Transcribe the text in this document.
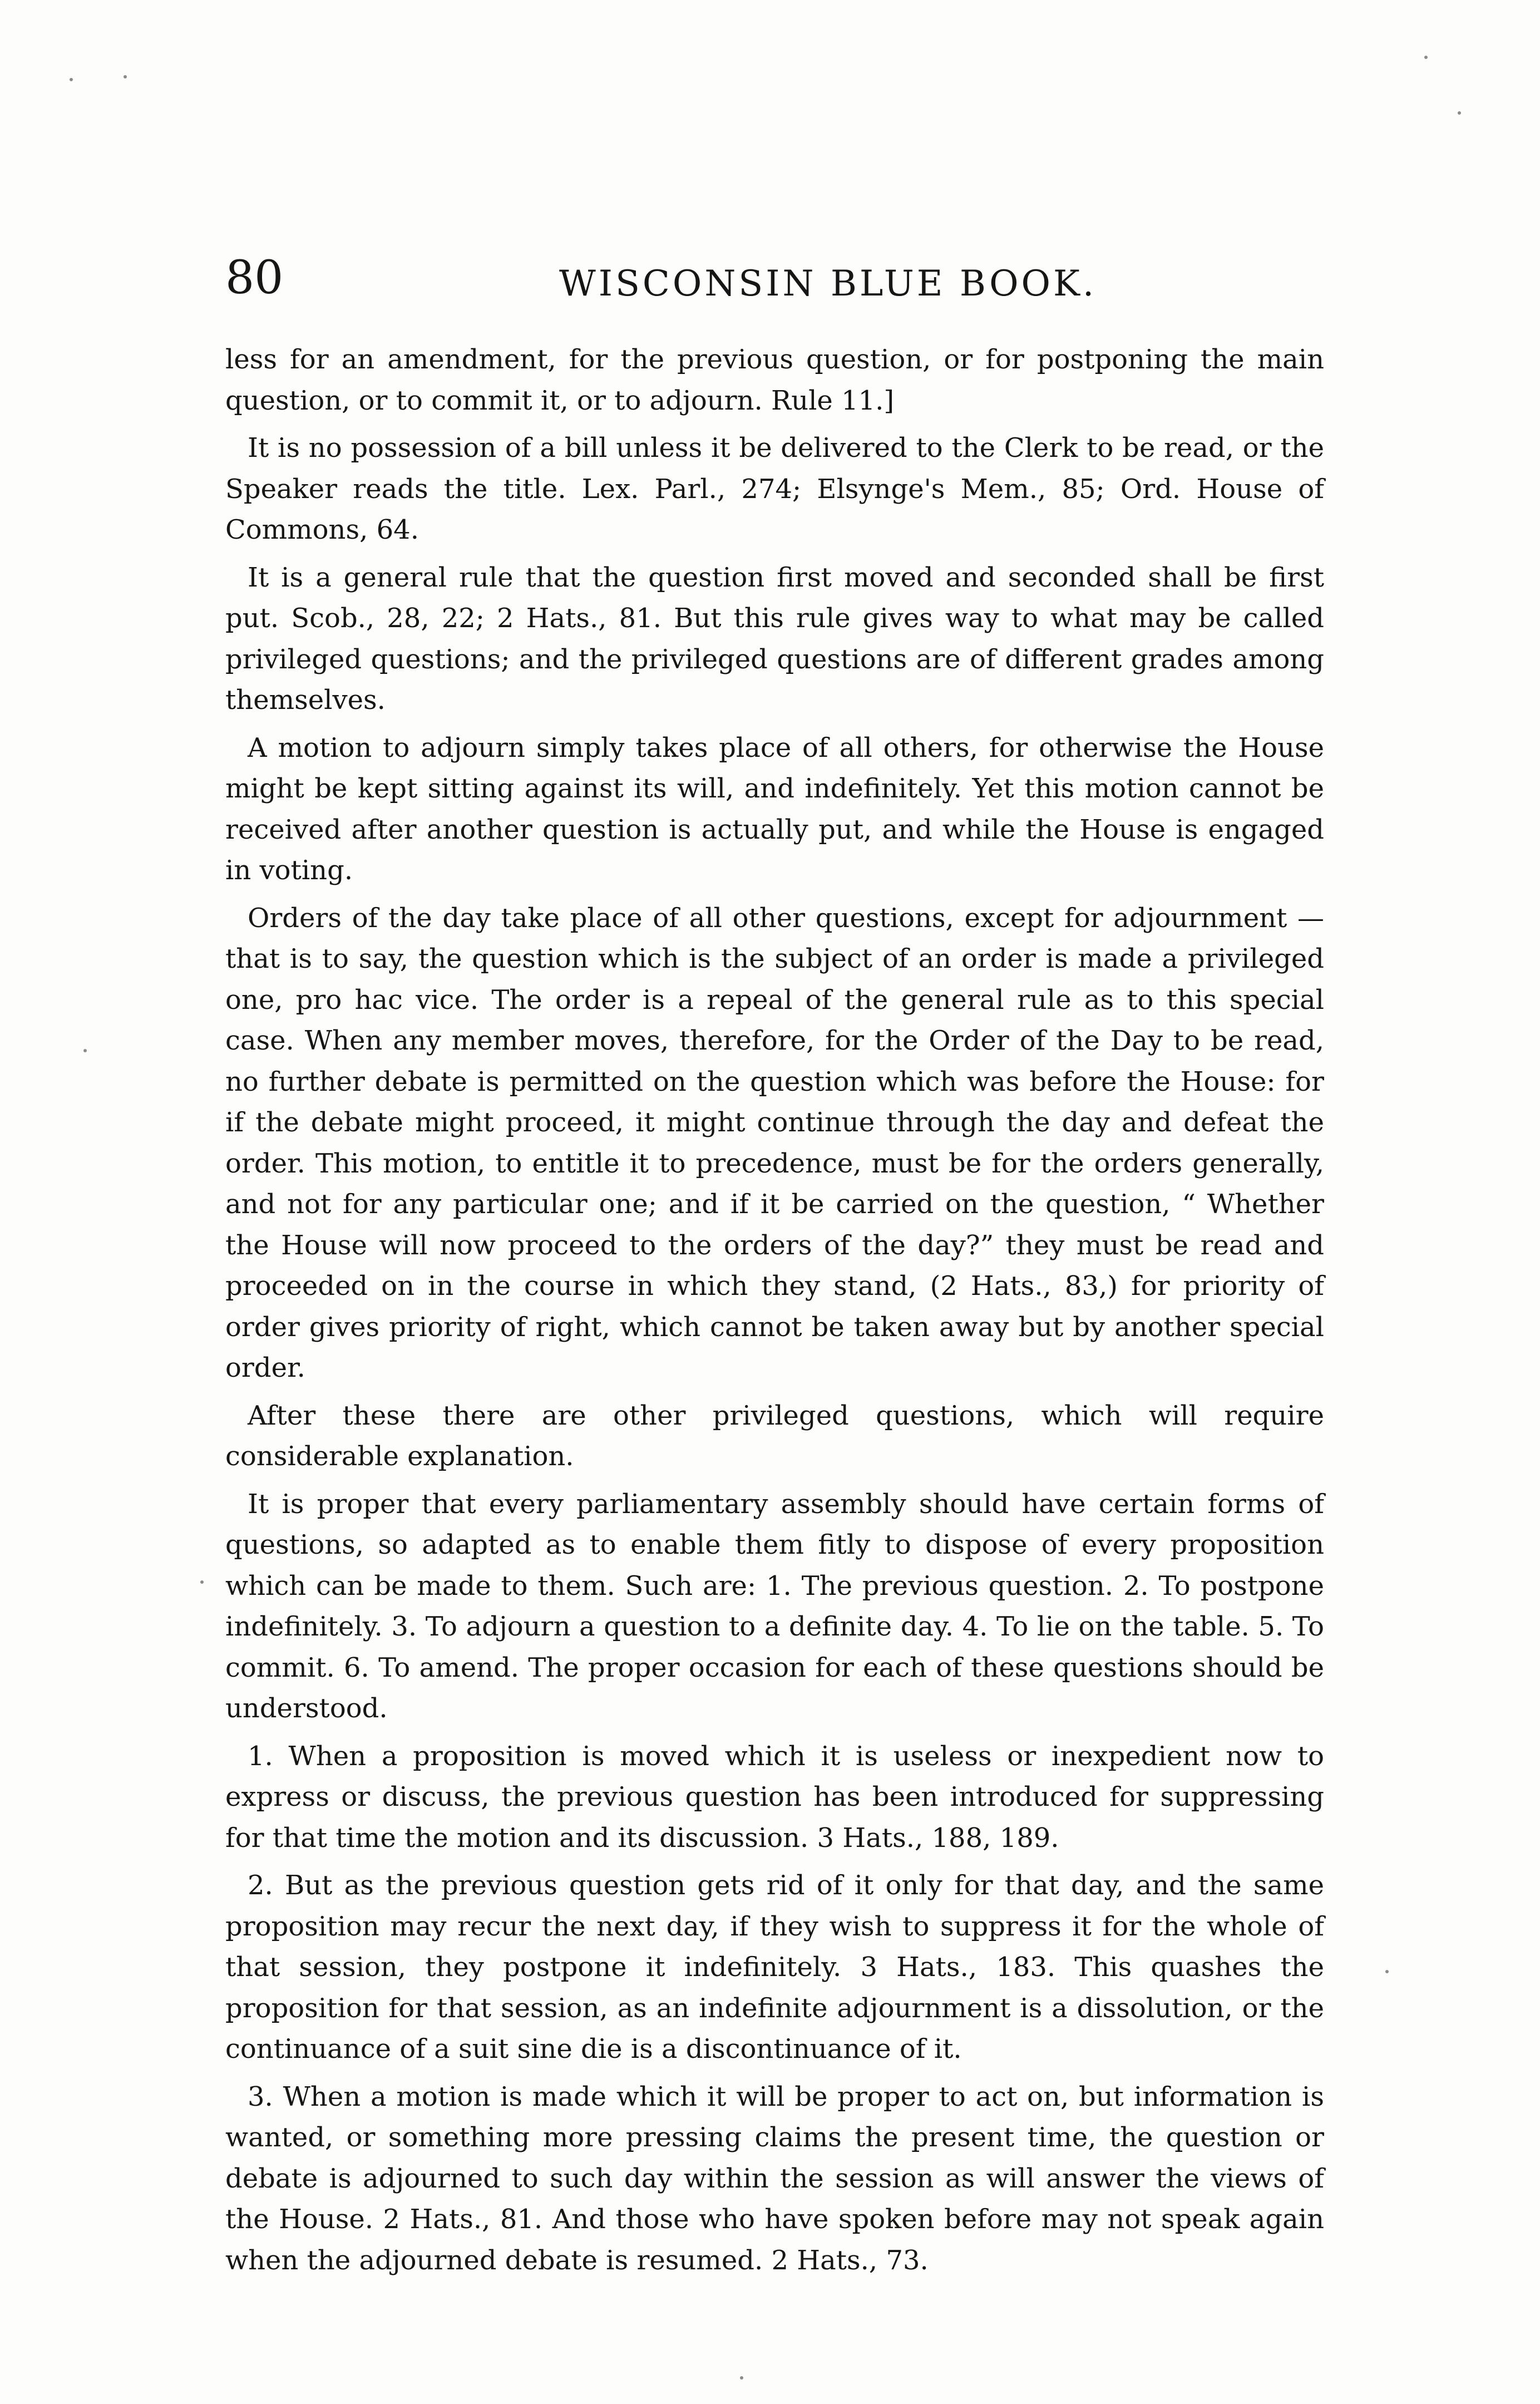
80	WISCONSIN BLUE BOOK.

less for an amendment, for the previous question, or for postponing the main question, or to commit it, or to adjourn. Rule 11.]

It is no possession of a bill unless it be delivered to the Clerk to be read, or the Speaker reads the title. Lex. Parl., 274; Elsynge's Mem., 85; Ord. House of Commons, 64.

It is a general rule that the question first moved and seconded shall be first put. Scob., 28, 22; 2 Hats., 81. But this rule gives way to what may be called privileged questions; and the privileged questions are of different grades among themselves.

A motion to adjourn simply takes place of all others, for otherwise the House might be kept sitting against its will, and indefinitely. Yet this motion cannot be received after another question is actually put, and while the House is engaged in voting.

Orders of the day take place of all other questions, except for adjournment —that is to say, the question which is the subject of an order is made a privileged one, pro hac vice. The order is a repeal of the general rule as to this special case. When any member moves, therefore, for the Order of the Day to be read, no further debate is permitted on the question which was before the House: for if the debate might proceed, it might continue through the day and defeat the order. This motion, to entitle it to precedence, must be for the orders generally, and not for any particular one; and if it be carried on the question, “ Whether the House will now proceed to the orders of the day?” they must be read and proceeded on in the course in which they stand, (2 Hats., 83,) for priority of order gives priority of right, which cannot be taken away but by another special order.

After these there are other privileged questions, which will require considerable explanation.

It is proper that every parliamentary assembly should have certain forms of questions, so adapted as to enable them fitly to dispose of every proposition which can be made to them. Such are: 1. The previous question. 2. To postpone indefinitely. 3. To adjourn a question to a definite day. 4. To lie on the table. 5. To commit. 6. To amend. The proper occasion for each of these questions should be understood.

1. When a proposition is moved which it is useless or inexpedient now to express or discuss, the previous question has been introduced for suppressing for that time the motion and its discussion. 3 Hats., 188, 189.

2. But as the previous question gets rid of it only for that day, and the same proposition may recur the next day, if they wish to suppress it for the whole of that session, they postpone it indefinitely. 3 Hats., 183. This quashes the proposition for that session, as an indefinite adjournment is a dissolution, or the continuance of a suit sine die is a discontinuance of it.

3. When a motion is made which it will be proper to act on, but information is wanted, or something more pressing claims the present time, the question or debate is adjourned to such day within the session as will answer the views of the House. 2 Hats., 81. And those who have spoken before may not speak again when the adjourned debate is resumed. 2 Hats., 73.
